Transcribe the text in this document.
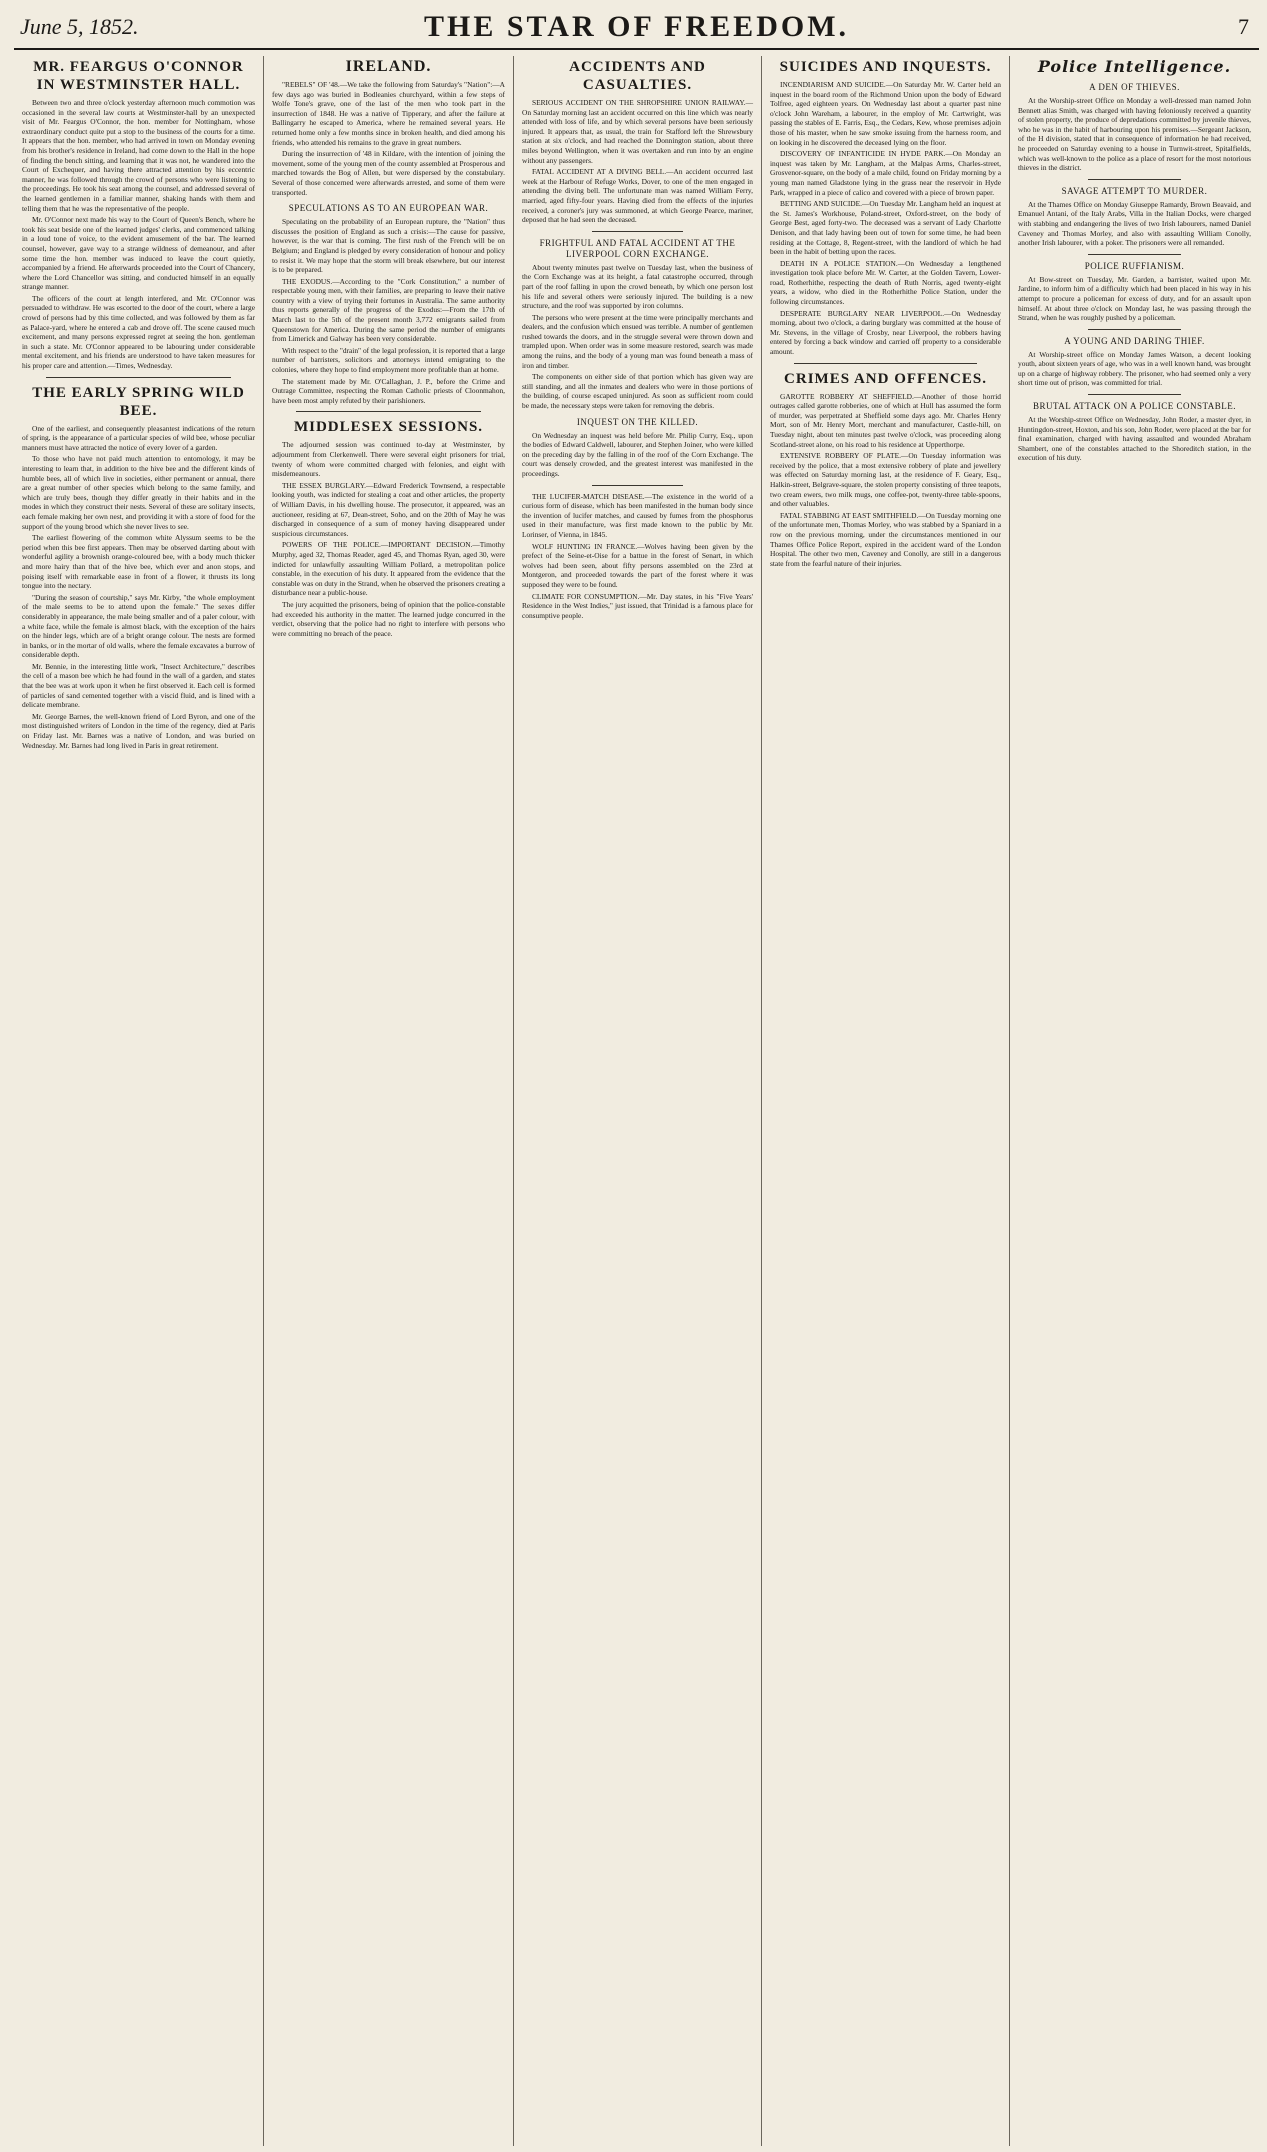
June 5, 1852.	THE STAR OF FREEDOM.	7
MR. FEARGUS O'CONNOR IN WESTMINSTER HALL.

Between two and three o'clock yesterday afternoon much commotion was occasioned in the several law courts at Westminster-hall by an unexpected visit of Mr. Feargus O'Connor, the hon. member for Nottingham, whose extraordinary conduct quite put a stop to the business of the courts for a time. It appears that the hon. member, who had arrived in town on Monday evening from his brother's residence in Ireland, had come down to the Hall in the hope of finding the bench sitting, and learning that it was not, he wandered into the Court of Exchequer, and having there attracted attention by his eccentric manner, he was followed through the crowd of persons who were listening to the proceedings. He took his seat among the counsel, and addressed several of the learned gentlemen in a familiar manner, shaking hands with them and telling them that he was the representative of the people.

Mr. O'Connor next made his way to the Court of Queen's Bench, where he took his seat beside one of the learned judges' clerks, and commenced talking in a loud tone of voice, to the evident amusement of the bar. The learned counsel, however, gave way to a strange wildness of demeanour, and after some time the hon. member was induced to leave the court quietly, accompanied by a friend. He afterwards proceeded into the Court of Chancery, where the Lord Chancellor was sitting, and conducted himself in an equally strange manner.

The officers of the court at length interfered, and Mr. O'Connor was persuaded to withdraw. He was escorted to the door of the court, where a large crowd of persons had by this time collected, and was followed by them as far as Palace-yard, where he entered a cab and drove off. The scene caused much excitement, and many persons expressed regret at seeing the hon. gentleman in such a state. Mr. O'Connor appeared to be labouring under considerable mental excitement, and his friends are understood to have taken measures for his proper care and attention.—Times, Wednesday.

THE EARLY SPRING WILD BEE.

One of the earliest, and consequently pleasantest indications of the return of spring, is the appearance of a particular species of wild bee, whose peculiar manners must have attracted the notice of every lover of a garden.

To those who have not paid much attention to entomology, it may be interesting to learn that, in addition to the hive bee and the different kinds of humble bees, all of which live in societies, either permanent or annual, there are a great number of other species which belong to the same family, and which are truly bees, though they differ greatly in their habits and in the modes in which they construct their nests. Several of these are solitary insects, each female making her own nest, and providing it with a store of food for the support of the young brood which she never lives to see.

The earliest flowering of the common white Alyssum seems to be the period when this bee first appears. Then may be observed darting about with wonderful agility a brownish orange-coloured bee, with a body much thicker and more hairy than that of the hive bee, which ever and anon stops, and poising itself with remarkable ease in front of a flower, it thrusts its long tongue into the nectary.

"During the season of courtship," says Mr. Kirby, "the whole employment of the male seems to be to attend upon the female." The sexes differ considerably in appearance, the male being smaller and of a paler colour, with a white face, while the female is almost black, with the exception of the hairs on the hinder legs, which are of a bright orange colour. The nests are formed in banks, or in the mortar of old walls, where the female excavates a burrow of considerable depth.

Mr. Bennie, in the interesting little work, "Insect Architecture," describes the cell of a mason bee which he had found in the wall of a garden, and states that the bee was at work upon it when he first observed it. Each cell is formed of particles of sand cemented together with a viscid fluid, and is lined with a delicate membrane.

Mr. George Barnes, the well-known friend of Lord Byron, and one of the most distinguished writers of London in the time of the regency, died at Paris on Friday last. Mr. Barnes was a native of London, and was buried on Wednesday. Mr. Barnes had long lived in Paris in great retirement.

IRELAND.

"REBELS" OF '48.—We take the following from Saturday's "Nation":—A few days ago was buried in Bodleanies churchyard, within a few steps of Wolfe Tone's grave, one of the last of the men who took part in the insurrection of 1848. He was a native of Tipperary, and after the failure at Ballingarry he escaped to America, where he remained several years. He returned home only a few months since in broken health, and died among his friends, who attended his remains to the grave in great numbers.

During the insurrection of '48 in Kildare, with the intention of joining the movement, some of the young men of the county assembled at Prosperous and marched towards the Bog of Allen, but were dispersed by the constabulary. Several of those concerned were afterwards arrested, and some of them were transported.

SPECULATIONS AS TO AN EUROPEAN WAR.

Speculating on the probability of an European rupture, the "Nation" thus discusses the position of England as such a crisis:—The cause for passive, however, is the war that is coming. The first rush of the French will be on Belgium; and England is pledged by every consideration of honour and policy to resist it. We may hope that the storm will break elsewhere, but our interest is to be prepared.

THE EXODUS.—According to the "Cork Constitution," a number of respectable young men, with their families, are preparing to leave their native country with a view of trying their fortunes in Australia. The same authority thus reports generally of the progress of the Exodus:—From the 17th of March last to the 5th of the present month 3,772 emigrants sailed from Queenstown for America. During the same period the number of emigrants from Limerick and Galway has been very considerable.

With respect to the "drain" of the legal profession, it is reported that a large number of barristers, solicitors and attorneys intend emigrating to the colonies, where they hope to find employment more profitable than at home.

The statement made by Mr. O'Callaghan, J. P., before the Crime and Outrage Committee, respecting the Roman Catholic priests of Cloonmahon, have been most amply refuted by their parishioners.

MIDDLESEX SESSIONS.

The adjourned session was continued to-day at Westminster, by adjournment from Clerkenwell. There were several eight prisoners for trial, twenty of whom were committed charged with felonies, and eight with misdemeanours.

THE ESSEX BURGLARY.—Edward Frederick Townsend, a respectable looking youth, was indicted for stealing a coat and other articles, the property of William Davis, in his dwelling house. The prosecutor, it appeared, was an auctioneer, residing at 67, Dean-street, Soho, and on the 20th of May he was discharged in consequence of a sum of money having disappeared under suspicious circumstances.

POWERS OF THE POLICE.—IMPORTANT DECISION.—Timothy Murphy, aged 32, Thomas Reader, aged 45, and Thomas Ryan, aged 30, were indicted for unlawfully assaulting William Pollard, a metropolitan police constable, in the execution of his duty. It appeared from the evidence that the constable was on duty in the Strand, when he observed the prisoners creating a disturbance near a public-house.

The jury acquitted the prisoners, being of opinion that the police-constable had exceeded his authority in the matter. The learned judge concurred in the verdict, observing that the police had no right to interfere with persons who were committing no breach of the peace.

ACCIDENTS AND CASUALTIES.

SERIOUS ACCIDENT ON THE SHROPSHIRE UNION RAILWAY.—On Saturday morning last an accident occurred on this line which was nearly attended with loss of life, and by which several persons have been seriously injured. It appears that, as usual, the train for Stafford left the Shrewsbury station at six o'clock, and had reached the Donnington station, about three miles beyond Wellington, when it was overtaken and run into by an engine without any passengers.

FATAL ACCIDENT AT A DIVING BELL.—An accident occurred last week at the Harbour of Refuge Works, Dover, to one of the men engaged in attending the diving bell. The unfortunate man was named William Ferry, married, aged fifty-four years. Having died from the effects of the injuries received, a coroner's jury was summoned, at which George Pearce, mariner, deposed that he had seen the deceased.

FRIGHTFUL AND FATAL ACCIDENT AT THE LIVERPOOL CORN EXCHANGE.

About twenty minutes past twelve on Tuesday last, when the business of the Corn Exchange was at its height, a fatal catastrophe occurred, through part of the roof falling in upon the crowd beneath, by which one person lost his life and several others were seriously injured. The building is a new structure, and the roof was supported by iron columns.

The persons who were present at the time were principally merchants and dealers, and the confusion which ensued was terrible. A number of gentlemen rushed towards the doors, and in the struggle several were thrown down and trampled upon. When order was in some measure restored, search was made among the ruins, and the body of a young man was found beneath a mass of iron and timber.

The components on either side of that portion which has given way are still standing, and all the inmates and dealers who were in those portions of the building, of course escaped uninjured. As soon as sufficient room could be made, the necessary steps were taken for removing the debris.

INQUEST ON THE KILLED.

On Wednesday an inquest was held before Mr. Philip Curry, Esq., upon the bodies of Edward Caldwell, labourer, and Stephen Joiner, who were killed on the preceding day by the falling in of the roof of the Corn Exchange. The court was densely crowded, and the greatest interest was manifested in the proceedings.

THE LUCIFER-MATCH DISEASE.—The existence in the world of a curious form of disease, which has been manifested in the human body since the invention of lucifer matches, and caused by fumes from the phosphorus used in their manufacture, was first made known to the public by Mr. Lorinser, of Vienna, in 1845.

WOLF HUNTING IN FRANCE.—Wolves having been given by the prefect of the Seine-et-Oise for a battue in the forest of Senart, in which wolves had been seen, about fifty persons assembled on the 23rd at Montgeron, and proceeded towards the part of the forest where it was supposed they were to be found.

CLIMATE FOR CONSUMPTION.—Mr. Day states, in his "Five Years' Residence in the West Indies," just issued, that Trinidad is a famous place for consumptive people.

SUICIDES AND INQUESTS.

INCENDIARISM AND SUICIDE.—On Saturday Mr. W. Carter held an inquest in the board room of the Richmond Union upon the body of Edward Tolfree, aged eighteen years. On Wednesday last about a quarter past nine o'clock John Wareham, a labourer, in the employ of Mr. Cartwright, was passing the stables of E. Farris, Esq., the Cedars, Kew, whose premises adjoin those of his master, when he saw smoke issuing from the harness room, and on looking in he discovered the deceased lying on the floor.

DISCOVERY OF INFANTICIDE IN HYDE PARK.—On Monday an inquest was taken by Mr. Langham, at the Malpas Arms, Charles-street, Grosvenor-square, on the body of a male child, found on Friday morning by a young man named Gladstone lying in the grass near the reservoir in Hyde Park, wrapped in a piece of calico and covered with a piece of brown paper.

BETTING AND SUICIDE.—On Tuesday Mr. Langham held an inquest at the St. James's Workhouse, Poland-street, Oxford-street, on the body of George Best, aged forty-two. The deceased was a servant of Lady Charlotte Denison, and that lady having been out of town for some time, he had been residing at the Cottage, 8, Regent-street, with the landlord of which he had been in the habit of betting upon the races.

DEATH IN A POLICE STATION.—On Wednesday a lengthened investigation took place before Mr. W. Carter, at the Golden Tavern, Lower-road, Rotherhithe, respecting the death of Ruth Norris, aged twenty-eight years, a widow, who died in the Rotherhithe Police Station, under the following circumstances.

DESPERATE BURGLARY NEAR LIVERPOOL.—On Wednesday morning, about two o'clock, a daring burglary was committed at the house of Mr. Stevens, in the village of Crosby, near Liverpool, the robbers having entered by forcing a back window and carried off property to a considerable amount.

CRIMES AND OFFENCES.

GAROTTE ROBBERY AT SHEFFIELD.—Another of those horrid outrages called garotte robberies, one of which at Hull has assumed the form of murder, was perpetrated at Sheffield some days ago. Mr. Charles Henry Mort, son of Mr. Henry Mort, merchant and manufacturer, Castle-hill, on Tuesday night, about ten minutes past twelve o'clock, was proceeding along Scotland-street alone, on his road to his residence at Upperthorpe.

EXTENSIVE ROBBERY OF PLATE.—On Tuesday information was received by the police, that a most extensive robbery of plate and jewellery was effected on Saturday morning last, at the residence of F. Geary, Esq., Halkin-street, Belgrave-square, the stolen property consisting of three teapots, two cream ewers, two milk mugs, one coffee-pot, twenty-three table-spoons, and other valuables.

FATAL STABBING AT EAST SMITHFIELD.—On Tuesday morning one of the unfortunate men, Thomas Morley, who was stabbed by a Spaniard in a row on the previous morning, under the circumstances mentioned in our Thames Office Police Report, expired in the accident ward of the London Hospital. The other two men, Caveney and Conolly, are still in a dangerous state from the fearful nature of their injuries.

Police Intelligence.
A DEN OF THIEVES.

At the Worship-street Office on Monday a well-dressed man named John Bennett alias Smith, was charged with having feloniously received a quantity of stolen property, the produce of depredations committed by juvenile thieves, who he was in the habit of harbouring upon his premises.—Sergeant Jackson, of the H division, stated that in consequence of information he had received, he proceeded on Saturday evening to a house in Turnwit-street, Spitalfields, which was well-known to the police as a place of resort for the most notorious thieves in the district.

SAVAGE ATTEMPT TO MURDER.

At the Thames Office on Monday Giuseppe Ramardy, Brown Beavaid, and Emanuel Antani, of the Italy Arabs, Villa in the Italian Docks, were charged with stabbing and endangering the lives of two Irish labourers, named Daniel Caveney and Thomas Morley, and also with assaulting William Conolly, another Irish labourer, with a poker. The prisoners were all remanded.

POLICE RUFFIANISM.

At Bow-street on Tuesday, Mr. Garden, a barrister, waited upon Mr. Jardine, to inform him of a difficulty which had been placed in his way in his attempt to procure a policeman for excess of duty, and for an assault upon himself. At about three o'clock on Monday last, he was passing through the Strand, when he was roughly pushed by a policeman.

A YOUNG AND DARING THIEF.

At Worship-street office on Monday James Watson, a decent looking youth, about sixteen years of age, who was in a well known hand, was brought up on a charge of highway robbery. The prisoner, who had seemed only a very short time out of prison, was committed for trial.

BRUTAL ATTACK ON A POLICE CONSTABLE.

At the Worship-street Office on Wednesday, John Roder, a master dyer, in Huntingdon-street, Hoxton, and his son, John Roder, were placed at the bar for final examination, charged with having assaulted and wounded Abraham Shambert, one of the constables attached to the Shoreditch station, in the execution of his duty.
